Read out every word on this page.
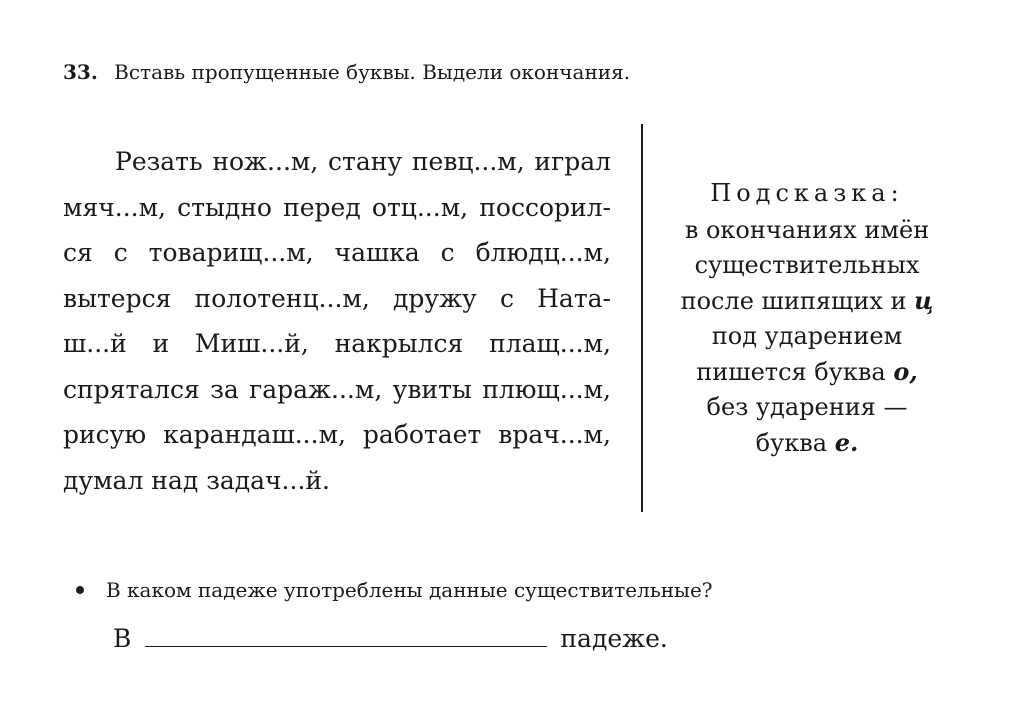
33. Вставь пропущенные буквы. Выдели окончания.
Резать нож...м, стану певц...м, играл
мяч...м, стыдно перед отц...м, поссорил-
ся с товарищ...м, чашка с блюдц...м,
вытерся полотенц...м, дружу с Ната-
ш...й и Миш...й, накрылся плащ...м,
спрятался за гараж...м, увиты плющ...м,
рисую карандаш...м, работает врач...м,
думал над задач...й.
Подсказка:
в окончаниях имён
существительных
после шипящих и ц
под ударением
пишется буква о,
без ударения —
буква е.
В каком падеже употреблены данные существительные?
В	падеже.
